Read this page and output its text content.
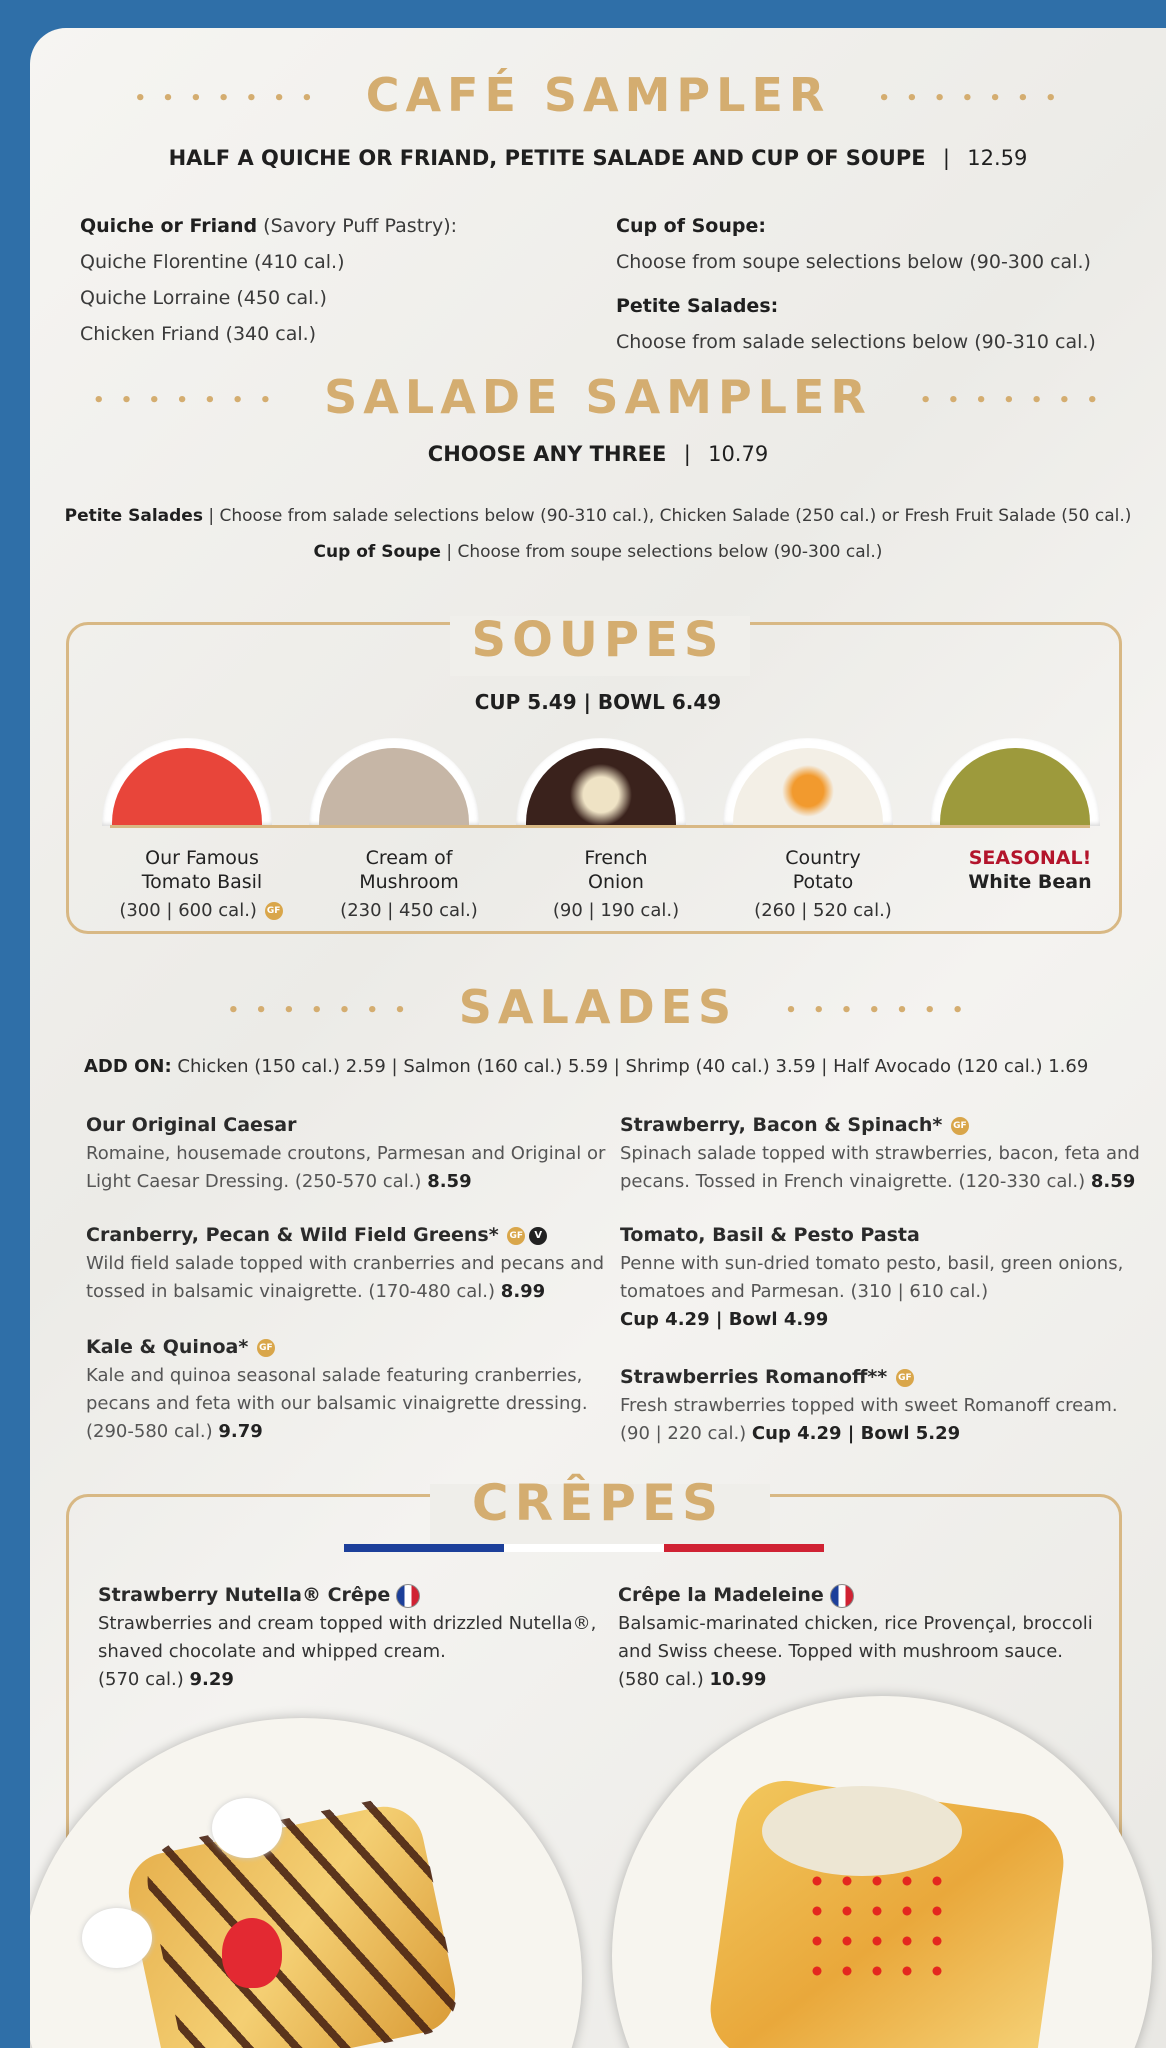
• • • • • • • CAFÉ SAMPLER	• • • • • • •
HALF A QUICHE OR FRIAND, PETITE SALADE AND CUP OF SOUPE | 12.59
Quiche or Friand (Savory Puff Pastry):
Quiche Florentine (410 cal.)
Quiche Lorraine (450 cal.)
Chicken Friand (340 cal.)
Cup of Soupe:
Choose from soupe selections below (90-300 cal.)
Petite Salades:
Choose from salade selections below (90-310 cal.)
• • • • • • • SALADE SAMPLER	• • • • • • •
CHOOSE ANY THREE | 10.79
Petite Salades | Choose from salade selections below (90-310 cal.), Chicken Salade (250 cal.) or Fresh Fruit Salade (50 cal.)
Cup of Soupe | Choose from soupe selections below (90-300 cal.)
SOUPES
CUP 5.49 | BOWL 6.49
Our Famous
Tomato Basil
(300 | 600 cal.) GF
Cream of
Mushroom
(230 | 450 cal.)
French
Onion
(90 | 190 cal.)
Country
Potato
(260 | 520 cal.)
SEASONAL!
White Bean
• • • • • • • SALADES	• • • • • • •
ADD ON: Chicken (150 cal.) 2.59 | Salmon (160 cal.) 5.59 | Shrimp (40 cal.) 3.59 | Half Avocado (120 cal.) 1.69
Our Original Caesar
Romaine, housemade croutons, Parmesan and Original or Light Caesar Dressing. (250-570 cal.) 8.59
Strawberry, Bacon & Spinach* GF
Spinach salade topped with strawberries, bacon, feta and pecans. Tossed in French vinaigrette. (120-330 cal.) 8.59
Cranberry, Pecan & Wild Field Greens* GF V
Wild field salade topped with cranberries and pecans and tossed in balsamic vinaigrette. (170-480 cal.) 8.99
Tomato, Basil & Pesto Pasta
Penne with sun-dried tomato pesto, basil, green onions, tomatoes and Parmesan. (310 | 610 cal.)
Cup 4.29 | Bowl 4.99
Kale & Quinoa* GF
Kale and quinoa seasonal salade featuring cranberries, pecans and feta with our balsamic vinaigrette dressing. (290-580 cal.) 9.79
Strawberries Romanoff** GF
Fresh strawberries topped with sweet Romanoff cream. (90 | 220 cal.) Cup 4.29 | Bowl 5.29
CRÊPES
Strawberry Nutella® Crêpe
Strawberries and cream topped with drizzled Nutella®, shaved chocolate and whipped cream.
(570 cal.) 9.29
Crêpe la Madeleine
Balsamic-marinated chicken, rice Provençal, broccoli and Swiss cheese. Topped with mushroom sauce.
(580 cal.) 10.99
